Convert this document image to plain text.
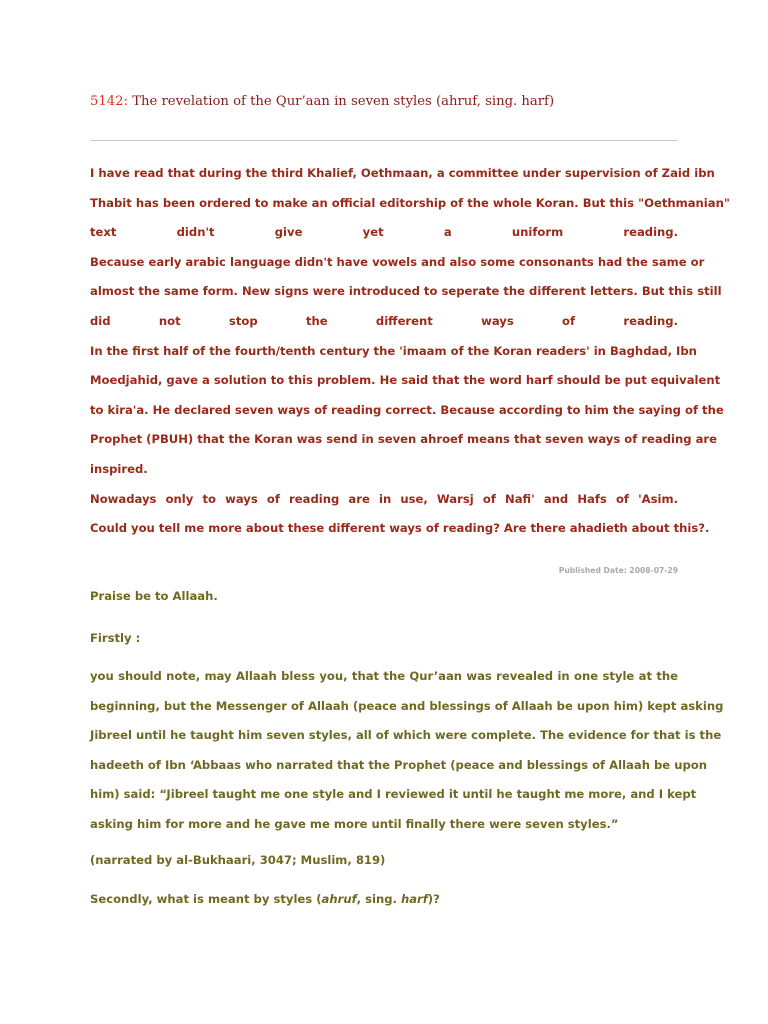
5142: The revelation of the Qur’aan in seven styles (ahruf, sing. harf)
I have read that during the third Khalief, Oethmaan, a committee under supervision of Zaid ibn
Thabit has been ordered to make an official editorship of the whole Koran. But this "Oethmanian"
text didn't give yet a uniform reading.
Because early arabic language didn't have vowels and also some consonants had the same or
almost the same form. New signs were introduced to seperate the different letters. But this still
did not stop the different ways of reading.
In the first half of the fourth/tenth century the 'imaam of the Koran readers' in Baghdad, Ibn
Moedjahid, gave a solution to this problem. He said that the word harf should be put equivalent
to kira'a. He declared seven ways of reading correct. Because according to him the saying of the
Prophet (PBUH) that the Koran was send in seven ahroef means that seven ways of reading are
inspired.
Nowadays only to ways of reading are in use, Warsj of Nafi' and Hafs of 'Asim.
Could you tell me more about these different ways of reading? Are there ahadieth about this?.
Published Date: 2008-07-29
Praise be to Allaah.
Firstly :
you should note, may Allaah bless you, that the Qur’aan was revealed in one style at the
beginning, but the Messenger of Allaah (peace and blessings of Allaah be upon him) kept asking
Jibreel until he taught him seven styles, all of which were complete. The evidence for that is the
hadeeth of Ibn ‘Abbaas who narrated that the Prophet (peace and blessings of Allaah be upon
him) said: “Jibreel taught me one style and I reviewed it until he taught me more, and I kept
asking him for more and he gave me more until finally there were seven styles.”
(narrated by al-Bukhaari, 3047; Muslim, 819)
Secondly, what is meant by styles (ahruf, sing. harf)?
